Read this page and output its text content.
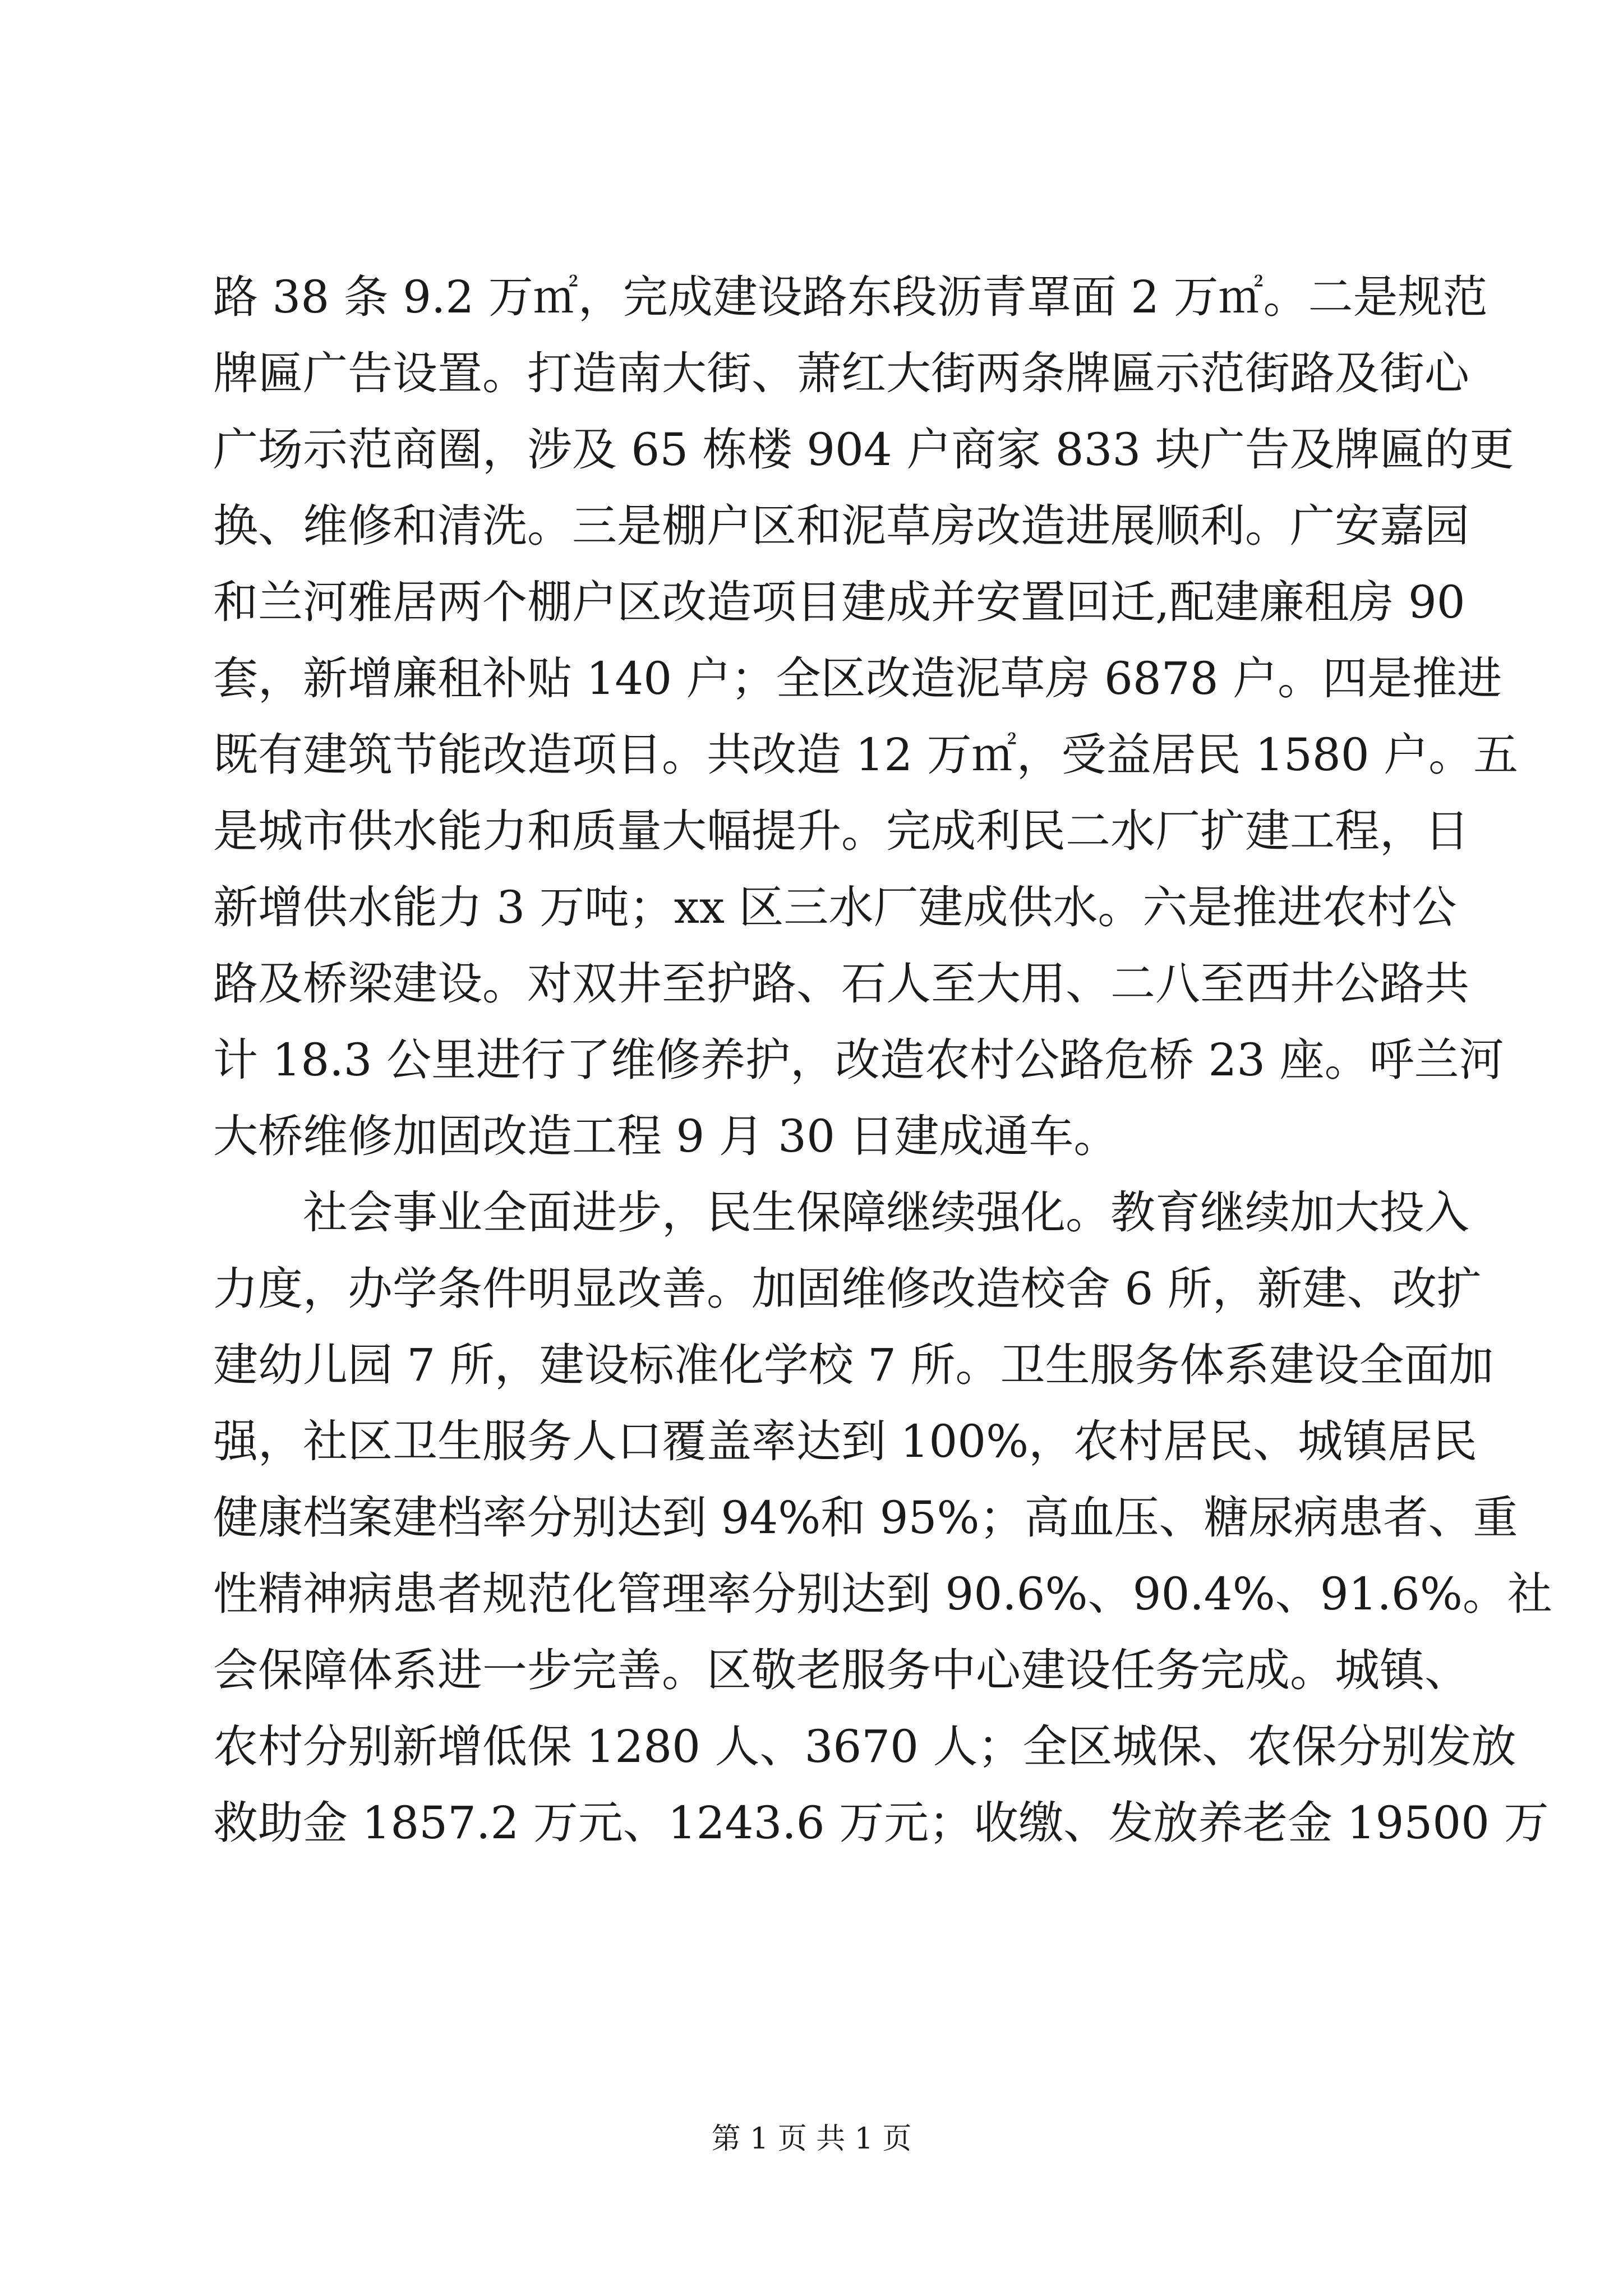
路 38 条 9.2 万㎡，完成建设路东段沥青罩面 2 万㎡。二是规范
牌匾广告设置。打造南大街、萧红大街两条牌匾示范街路及街心
广场示范商圈，涉及 65 栋楼 904 户商家 833 块广告及牌匾的更
换、维修和清洗。三是棚户区和泥草房改造进展顺利。广安嘉园
和兰河雅居两个棚户区改造项目建成并安置回迁,配建廉租房 90
套，新增廉租补贴 140 户；全区改造泥草房 6878 户。四是推进
既有建筑节能改造项目。共改造 12 万㎡，受益居民 1580 户。五
是城市供水能力和质量大幅提升。完成利民二水厂扩建工程，日
新增供水能力 3 万吨；xx 区三水厂建成供水。六是推进农村公
路及桥梁建设。对双井至护路、石人至大用、二八至西井公路共
计 18.3 公里进行了维修养护，改造农村公路危桥 23 座。呼兰河
大桥维修加固改造工程 9 月 30 日建成通车。
社会事业全面进步，民生保障继续强化。教育继续加大投入
力度，办学条件明显改善。加固维修改造校舍 6 所，新建、改扩
建幼儿园 7 所，建设标准化学校 7 所。卫生服务体系建设全面加
强，社区卫生服务人口覆盖率达到 100%，农村居民、城镇居民
健康档案建档率分别达到 94%和 95%；高血压、糖尿病患者、重
性精神病患者规范化管理率分别达到 90.6%、90.4%、91.6%。社
会保障体系进一步完善。区敬老服务中心建设任务完成。城镇、
农村分别新增低保 1280 人、3670 人；全区城保、农保分别发放
救助金 1857.2 万元、1243.6 万元；收缴、发放养老金 19500 万
第 1 页 共 1 页
